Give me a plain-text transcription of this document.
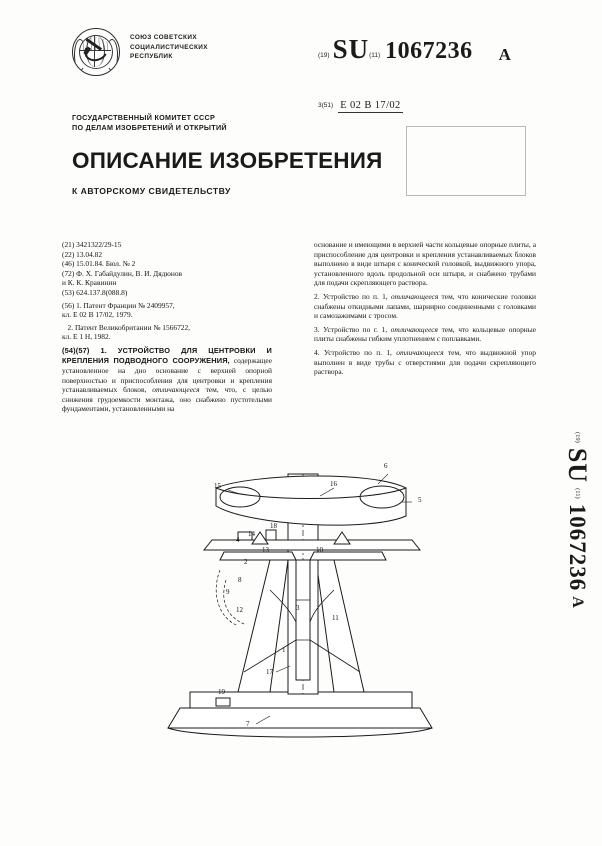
СОЮЗ СОВЕТСКИХ
СОЦИАЛИСТИЧЕСКИХ
РЕСПУБЛИК	(19) SU (11) 1067236 A
3(51) Е 02 В 17/02
ГОСУДАРСТВЕННЫЙ КОМИТЕТ СССР
ПО ДЕЛАМ ИЗОБРЕТЕНИЙ И ОТКРЫТИЙ
ОПИСАНИЕ ИЗОБРЕТЕНИЯ
К АВТОРСКОМУ СВИДЕТЕЛЬСТВУ
(21) 3421322/29-15
(22) 13.04.82
(46) 15.01.84. Бюл. № 2
(72) Ф. Х. Габайдулин, В. И. Дядюнов
и К. К. Кравинин
(53) 624.137.8(088.8)
(56) 1. Патент Франции № 2409957,
кл. Е 02 В 17/02, 1979.
2. Патент Великобритании № 1566722,
кл. Е 1 Н, 1982.
(54)(57) 1. УСТРОЙСТВО ДЛЯ ЦЕНТРОВКИ И КРЕПЛЕНИЯ ПОДВОДНОГО СООРУЖЕНИЯ, содержащее установленное на дно основание с верхней опорной поверхностью и приспособления для центровки и крепления устанавливаемых блоков, отличающееся тем, что, с целью снижения грудоемкости монтажа, оно снабжено пустотелыми фундаментами, установленными на
основание и имеющими в верхней части кольцевые опорные плиты, а приспособление для центровки и крепления устанавливаемых блоков выполнено в виде штыря с конической головкой, выдвижного упора, установленного вдоль продольной оси штыря, и снабжено трубами для подачи скрепляющего раствора.
2. Устройство по п. 1, отличающееся тем, что конические головки снабжены откидными лапами, шарнирно соединенными с головками и самозажимами с тросом.
3. Устройство по г. 1, отличающееся тем, что кольцевые опорные плиты снабжены гибким уплотнением с поплавками.
4. Устройство по п. 1, отличающееся тем, что выдвижной упор выполнен в виде трубы с отверстиями для подачи скрепляющего раствора.
(19) SU (11) 1067236 A
1
2
3
4
5
6
7
8
9
10
11
12
13
14
15	16
17
18
19
